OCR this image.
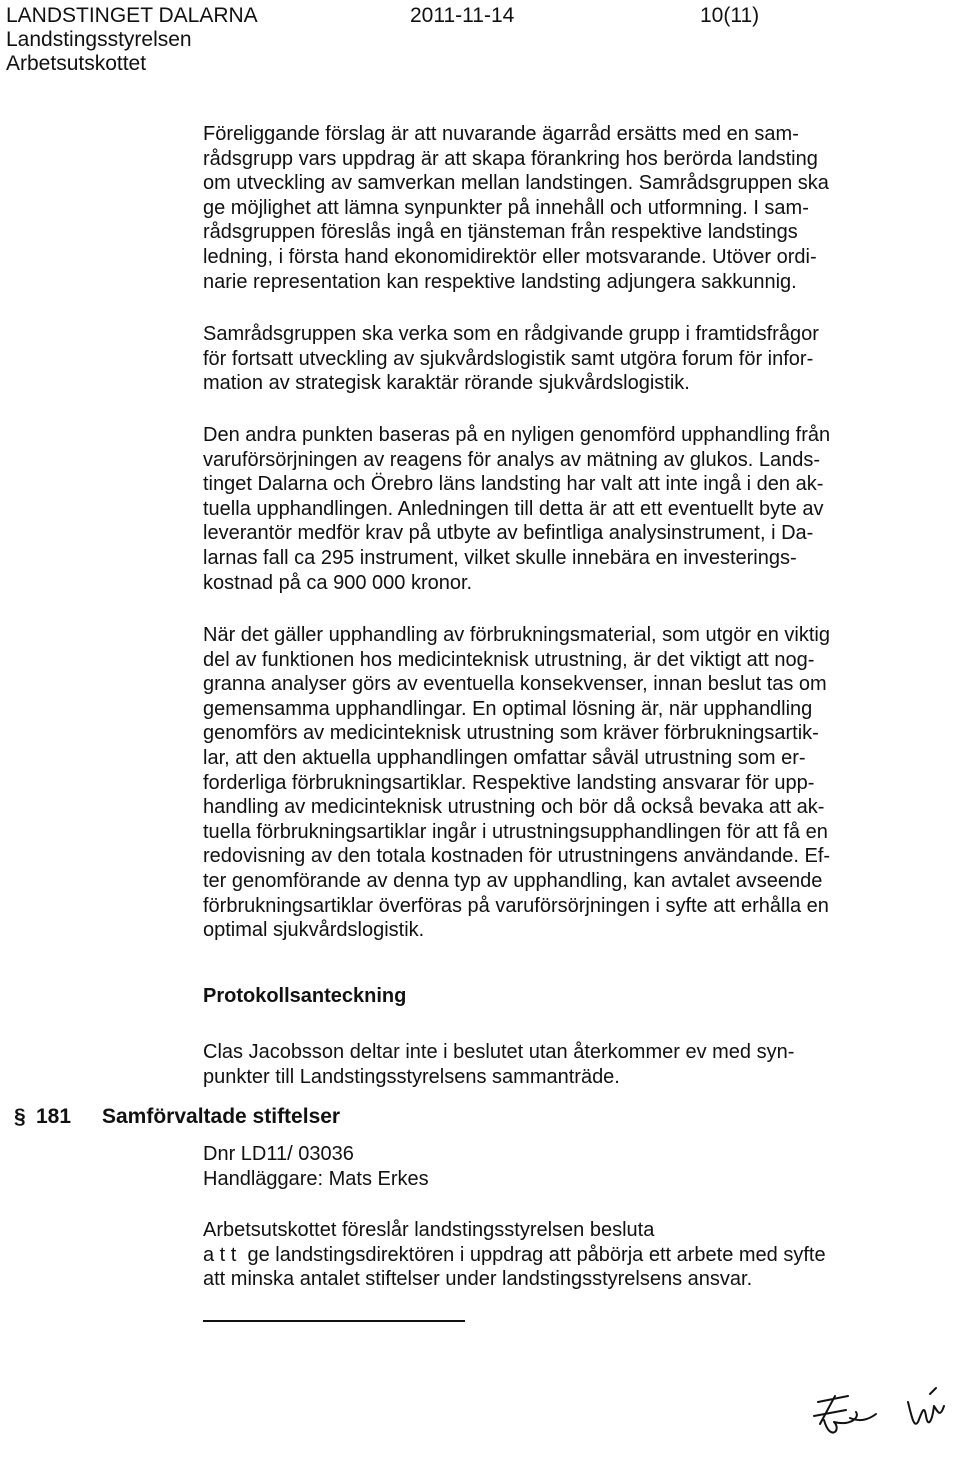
LANDSTINGET DALARNA
Landstingsstyrelsen
Arbetsutskottet
2011-11-14	10(11)
Föreliggande förslag är att nuvarande ägarråd ersätts med en sam-
rådsgrupp vars uppdrag är att skapa förankring hos berörda landsting
om utveckling av samverkan mellan landstingen. Samrådsgruppen ska
ge möjlighet att lämna synpunkter på innehåll och utformning. I sam-
rådsgruppen föreslås ingå en tjänsteman från respektive landstings
ledning, i första hand ekonomidirektör eller motsvarande. Utöver ordi-
narie representation kan respektive landsting adjungera sakkunnig.
Samrådsgruppen ska verka som en rådgivande grupp i framtidsfrågor
för fortsatt utveckling av sjukvårdslogistik samt utgöra forum för infor-
mation av strategisk karaktär rörande sjukvårdslogistik.
Den andra punkten baseras på en nyligen genomförd upphandling från
varuförsörjningen av reagens för analys av mätning av glukos. Lands-
tinget Dalarna och Örebro läns landsting har valt att inte ingå i den ak-
tuella upphandlingen. Anledningen till detta är att ett eventuellt byte av
leverantör medför krav på utbyte av befintliga analysinstrument, i Da-
larnas fall ca 295 instrument, vilket skulle innebära en investerings-
kostnad på ca 900 000 kronor.
När det gäller upphandling av förbrukningsmaterial, som utgör en viktig
del av funktionen hos medicinteknisk utrustning, är det viktigt att nog-
granna analyser görs av eventuella konsekvenser, innan beslut tas om
gemensamma upphandlingar. En optimal lösning är, när upphandling
genomförs av medicinteknisk utrustning som kräver förbrukningsartik-
lar, att den aktuella upphandlingen omfattar såväl utrustning som er-
forderliga förbrukningsartiklar. Respektive landsting ansvarar för upp-
handling av medicinteknisk utrustning och bör då också bevaka att ak-
tuella förbrukningsartiklar ingår i utrustningsupphandlingen för att få en
redovisning av den totala kostnaden för utrustningens användande. Ef-
ter genomförande av denna typ av upphandling, kan avtalet avseende
förbrukningsartiklar överföras på varuförsörjningen i syfte att erhålla en
optimal sjukvårdslogistik.
Protokollsanteckning
Clas Jacobsson deltar inte i beslutet utan återkommer ev med syn-
punkter till Landstingsstyrelsens sammanträde.
§ 181 Samförvaltade stiftelser
Dnr LD11/ 03036
Handläggare: Mats Erkes
Arbetsutskottet föreslår landstingsstyrelsen besluta
a t t  ge landstingsdirektören i uppdrag att påbörja ett arbete med syfte
att minska antalet stiftelser under landstingsstyrelsens ansvar.
